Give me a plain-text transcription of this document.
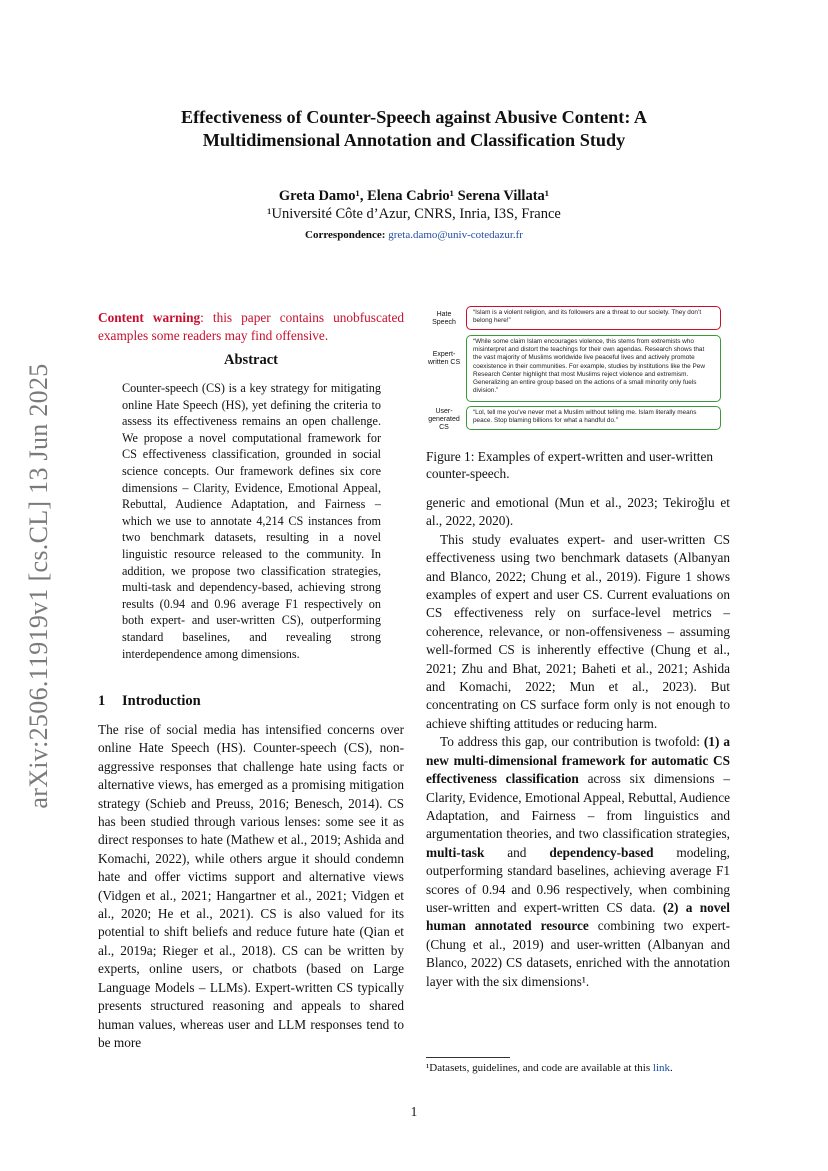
arXiv:2506.11919v1 [cs.CL] 13 Jun 2025
Effectiveness of Counter-Speech against Abusive Content: A
Multidimensional Annotation and Classification Study
Greta Damo¹, Elena Cabrio¹ Serena Villata¹
¹Université Côte d’Azur, CNRS, Inria, I3S, France
Correspondence: greta.damo@univ-cotedazur.fr
Content warning: this paper contains unobfuscated examples some readers may find offensive.
Abstract
Counter-speech (CS) is a key strategy for mitigating online Hate Speech (HS), yet defining the criteria to assess its effectiveness remains an open challenge. We propose a novel computational framework for CS effectiveness classification, grounded in social science concepts. Our framework defines six core dimensions – Clarity, Evidence, Emotional Appeal, Rebuttal, Audience Adaptation, and Fairness – which we use to annotate 4,214 CS instances from two benchmark datasets, resulting in a novel linguistic resource released to the community. In addition, we propose two classification strategies, multi-task and dependency-based, achieving strong results (0.94 and 0.96 average F1 respectively on both expert- and user-written CS), outperforming standard baselines, and revealing strong interdependence among dimensions.
1 Introduction

The rise of social media has intensified concerns over online Hate Speech (HS). Counter-speech (CS), non-aggressive responses that challenge hate using facts or alternative views, has emerged as a promising mitigation strategy (Schieb and Preuss, 2016; Benesch, 2014). CS has been studied through various lenses: some see it as direct responses to hate (Mathew et al., 2019; Ashida and Komachi, 2022), while others argue it should condemn hate and offer victims support and alternative views (Vidgen et al., 2021; Hangartner et al., 2021; Vidgen et al., 2020; He et al., 2021). CS is also valued for its potential to shift beliefs and reduce future hate (Qian et al., 2019a; Rieger et al., 2018). CS can be written by experts, online users, or chatbots (based on Large Language Models – LLMs). Expert-written CS typically presents structured reasoning and appeals to shared human values, whereas user and LLM responses tend to be more

Hate Speech
“Islam is a violent religion, and its followers are a threat to our society. They don’t belong here!”
Expert-written CS
“While some claim Islam encourages violence, this stems from extremists who misinterpret and distort the teachings for their own agendas. Research shows that the vast majority of Muslims worldwide live peaceful lives and actively promote coexistence in their communities. For example, studies by institutions like the Pew Research Center highlight that most Muslims reject violence and extremism. Generalizing an entire group based on the actions of a small minority only fuels division.”
User-generated CS
“Lol, tell me you’ve never met a Muslim without telling me. Islam literally means peace. Stop blaming billions for what a handful do.”
Figure 1: Examples of expert-written and user-written counter-speech.

generic and emotional (Mun et al., 2023; Tekiroğlu et al., 2022, 2020).

This study evaluates expert- and user-written CS effectiveness using two benchmark datasets (Albanyan and Blanco, 2022; Chung et al., 2019). Figure 1 shows examples of expert and user CS. Current evaluations on CS effectiveness rely on surface-level metrics – coherence, relevance, or non-offensiveness – assuming well-formed CS is inherently effective (Chung et al., 2021; Zhu and Bhat, 2021; Baheti et al., 2021; Ashida and Komachi, 2022; Mun et al., 2023). But concentrating on CS surface form only is not enough to achieve shifting attitudes or reducing harm.

To address this gap, our contribution is twofold: (1) a new multi-dimensional framework for automatic CS effectiveness classification across six dimensions – Clarity, Evidence, Emotional Appeal, Rebuttal, Audience Adaptation, and Fairness – from linguistics and argumentation theories, and two classification strategies, multi-task and dependency-based modeling, outperforming standard baselines, achieving average F1 scores of 0.94 and 0.96 respectively, when combining user-written and expert-written CS data. (2) a novel human annotated resource combining two expert- (Chung et al., 2019) and user-written (Albanyan and Blanco, 2022) CS datasets, enriched with the annotation layer with the six dimensions¹.

¹Datasets, guidelines, and code are available at this link.
1
